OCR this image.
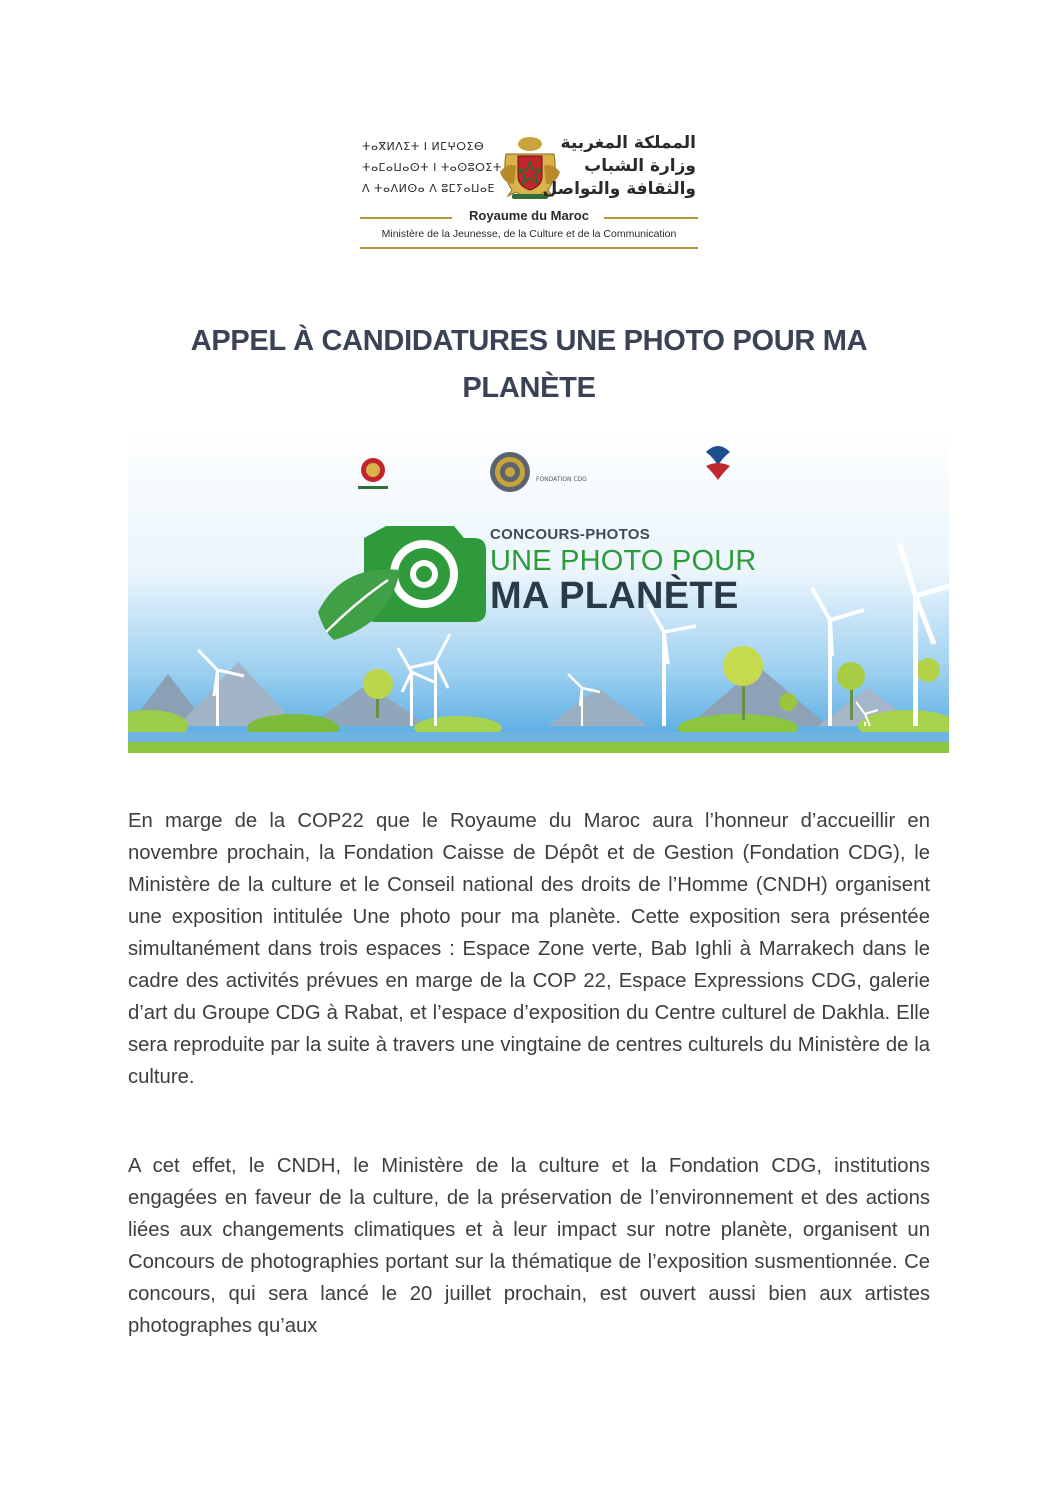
ⵜⴰⴳⵍⴷⵉⵜ ⵏ ⵍⵎⵖⵔⵉⴱ
ⵜⴰⵎⴰⵡⴰⵙⵜ ⵏ ⵜⴰⵙⵓⵔⵉⵜ
ⴷ ⵜⴰⴷⵍⵙⴰ ⴷ ⵓⵎⵢⴰⵡⴰⴹ
المملكة المغربية
وزارة الشباب
والثقافة والتواصل
Royaume du Maroc
Ministère de la Jeunesse, de la Culture et de la Communication
APPEL À CANDIDATURES UNE PHOTO POUR MA PLANÈTE
FONDATION CDG
CONCOURS-PHOTOS
UNE PHOTO POUR
MA PLANÈTE
En marge de la COP22 que le Royaume du Maroc aura l’honneur d’accueillir en novembre prochain, la Fondation Caisse de Dépôt et de Gestion (Fondation CDG), le Ministère de la culture et le Conseil national des droits de l’Homme (CNDH) organisent une exposition intitulée Une photo pour ma planète. Cette exposition sera présentée simultanément dans trois espaces : Espace Zone verte, Bab Ighli à Marrakech dans le cadre des activités prévues en marge de la COP 22, Espace Expressions CDG, galerie d’art du Groupe CDG à Rabat, et l’espace d’exposition du Centre culturel de Dakhla. Elle sera reproduite par la suite à travers une vingtaine de centres culturels du Ministère de la culture.
A cet effet, le CNDH, le Ministère de la culture et la Fondation CDG, institutions engagées en faveur de la culture, de la préservation de l’environnement et des actions liées aux changements climatiques et à leur impact sur notre planète, organisent un Concours de photographies portant sur la thématique de l’exposition susmentionnée. Ce concours, qui sera lancé le 20 juillet prochain, est ouvert aussi bien aux artistes photographes qu’aux
